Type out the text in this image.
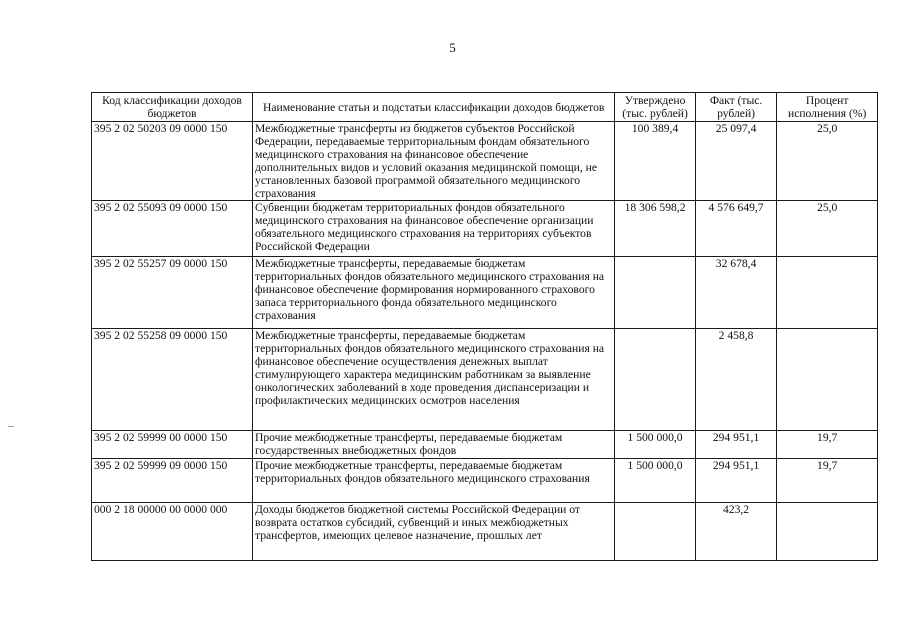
5
Код классификации доходов бюджетов	Наименование статьи и подстатьи классификации доходов бюджетов	Утверждено (тыс. рублей)	Факт (тыс. рублей)	Процент исполнения (%)
395 2 02 50203 09 0000 150	Межбюджетные трансферты из бюджетов субъектов Российской Федерации, передаваемые территориальным фондам обязательного медицинского страхования на финансовое обеспечение дополнительных видов и условий оказания медицинской помощи, не установленных базовой программой обязательного медицинского страхования	100 389,4	25 097,4	25,0
395 2 02 55093 09 0000 150	Субвенции бюджетам территориальных фондов обязательного медицинского страхования на финансовое обеспечение организации обязательного медицинского страхования на территориях субъектов Российской Федерации	18 306 598,2	4 576 649,7	25,0
395 2 02 55257 09 0000 150	Межбюджетные трансферты, передаваемые бюджетам территориальных фондов обязательного медицинского страхования на финансовое обеспечение формирования нормированного страхового запаса территориального фонда обязательного медицинского страхования		32 678,4	
395 2 02 55258 09 0000 150	Межбюджетные трансферты, передаваемые бюджетам территориальных фондов обязательного медицинского страхования на финансовое обеспечение осуществления денежных выплат стимулирующего характера медицинским работникам за выявление онкологических заболеваний в ходе проведения диспансеризации и профилактических медицинских осмотров населения		2 458,8	
395 2 02 59999 00 0000 150	Прочие межбюджетные трансферты, передаваемые бюджетам государственных внебюджетных фондов	1 500 000,0	294 951,1	19,7
395 2 02 59999 09 0000 150	Прочие межбюджетные трансферты, передаваемые бюджетам территориальных фондов обязательного медицинского страхования	1 500 000,0	294 951,1	19,7
000 2 18 00000 00 0000 000	Доходы бюджетов бюджетной системы Российской Федерации от возврата остатков субсидий, субвенций и иных межбюджетных трансфертов, имеющих целевое назначение, прошлых лет		423,2	
